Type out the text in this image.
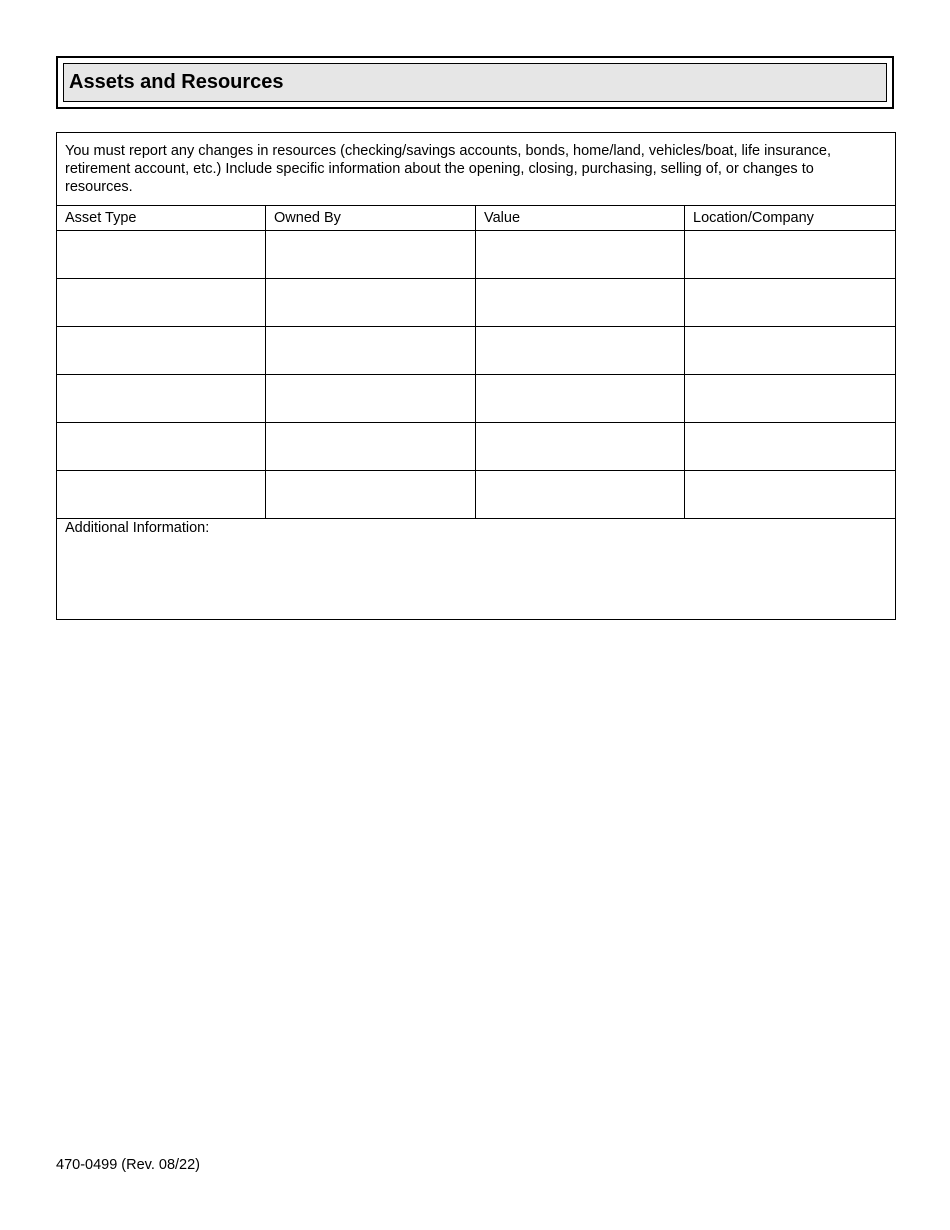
Assets and Resources
You must report any changes in resources (checking/savings accounts, bonds, home/land, vehicles/boat, life insurance, retirement account, etc.) Include specific information about the opening, closing, purchasing, selling of, or changes to resources.			

Asset Type	Owned By	Value	Location/Company

Additional Information:			
470-0499 (Rev. 08/22)
